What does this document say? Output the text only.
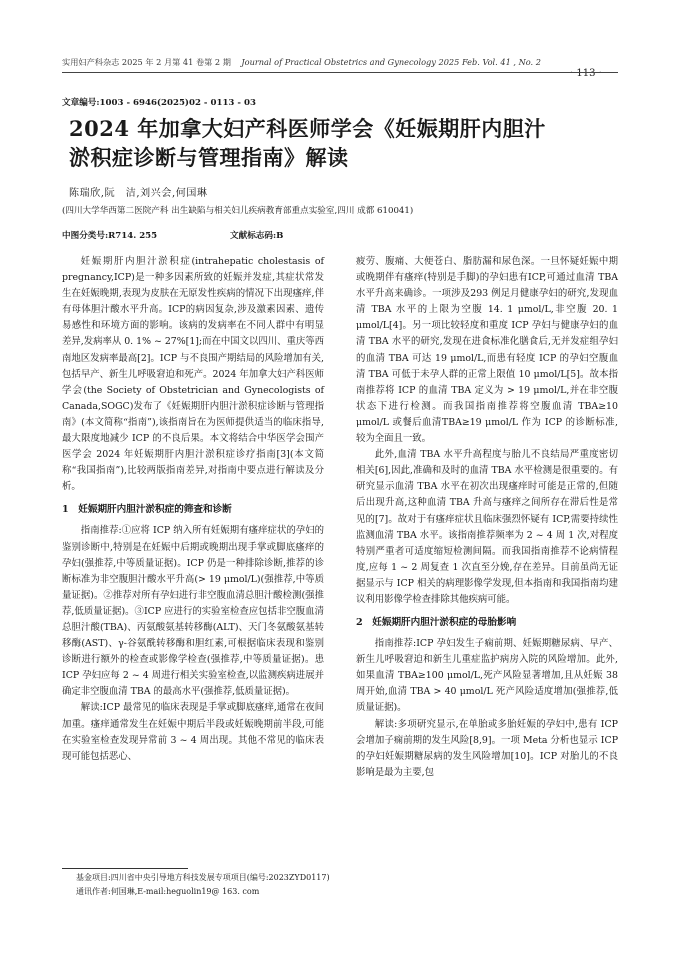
实用妇产科杂志 2025 年 2 月第 41 卷第 2 期 Journal of Practical Obstetrics and Gynecology 2025 Feb. Vol. 41 , No. 2
· 113 ·
文章编号:1003 - 6946(2025)02 - 0113 - 03
2024 年加拿大妇产科医师学会《妊娠期肝内胆汁
淤积症诊断与管理指南》解读
陈瑞欣,阮　洁,刘兴会,何国琳
(四川大学华西第二医院产科 出生缺陷与相关妇儿疾病教育部重点实验室,四川 成都 610041)
中图分类号:R714. 255	文献标志码:B

妊娠期肝内胆汁淤积症(intrahepatic cholestasis of pregnancy,ICP)是一种多因素所致的妊娠并发症,其症状常发生在妊娠晚期,表现为皮肤在无原发性疾病的情况下出现瘙痒,伴有母体胆汁酸水平升高。ICP的病因复杂,涉及激素因素、遗传易感性和环境方面的影响。该病的发病率在不同人群中有明显差异,发病率从 0. 1% ~ 27%[1];而在中国文以四川、重庆等西南地区发病率最高[2]。ICP 与不良围产期结局的风险增加有关,包括早产、新生儿呼吸窘迫和死产。2024 年加拿大妇产科医师学会(the Society of Obstetrician and Gynecologists of Canada,SOGC)发布了《妊娠期肝内胆汁淤积症诊断与管理指南》(本文简称“指南”),该指南旨在为医师提供适当的临床指导,最大限度地减少 ICP 的不良后果。本文将结合中华医学会围产医学会 2024 年妊娠期肝内胆汁淤积症诊疗指南[3](本文简称“我国指南”),比较两版指南差异,对指南中要点进行解读及分析。

1　妊娠期肝内胆汁淤积症的筛查和诊断

指南推荐:①应将 ICP 纳入所有妊娠期有瘙痒症状的孕妇的鉴别诊断中,特别是在妊娠中后期或晚期出现手掌或脚底瘙痒的孕妇(强推荐,中等质量证据)。ICP 仍是一种排除诊断,推荐的诊断标准为非空腹胆汁酸水平升高(> 19 μmol/L)(强推荐,中等质量证据)。②推荐对所有孕妇进行非空腹血清总胆汁酸检测(强推荐,低质量证据)。③ICP 应进行的实验室检查应包括非空腹血清总胆汁酸(TBA)、丙氨酸氨基转移酶(ALT)、天门冬氨酸氨基转移酶(AST)、γ-谷氨酰转移酶和胆红素,可根据临床表现和鉴别诊断进行额外的检查或影像学检查(强推荐,中等质量证据)。患 ICP 孕妇应每 2 ~ 4 周进行相关实验室检查,以监测疾病进展并确定非空腹血清 TBA 的最高水平(强推荐,低质量证据)。

解读:ICP 最常见的临床表现是手掌或脚底瘙痒,通常在夜间加重。瘙痒通常发生在妊娠中期后半段或妊娠晚期前半段,可能在实验室检查发现异常前 3 ~ 4 周出现。其他不常见的临床表现可能包括恶心、

疲劳、腹痛、大便苍白、脂肪漏和尿色深。一旦怀疑妊娠中期或晚期伴有瘙痒(特别是手脚)的孕妇患有ICP,可通过血清 TBA 水平升高来确诊。一项涉及293 例足月健康孕妇的研究,发现血清 TBA 水平的上限为空腹 14. 1 μmol/L,非空腹 20. 1 μmol/L[4]。另一项比较轻度和重度 ICP 孕妇与健康孕妇的血清 TBA 水平的研究,发现在进食标准化膳食后,无并发症组孕妇的血清 TBA 可达 19 μmol/L,而患有轻度 ICP 的孕妇空腹血清 TBA 可低于未孕人群的正常上限值 10 μmol/L[5]。故本指南推荐将 ICP 的血清 TBA 定义为 > 19 μmol/L,并在非空腹状态下进行检测。而我国指南推荐将空腹血清 TBA≥10 μmol/L 或餐后血清TBA≥19 μmol/L 作为 ICP 的诊断标准,较为全面且一致。

此外,血清 TBA 水平升高程度与胎儿不良结局严重度密切相关[6],因此,准确和及时的血清 TBA 水平检测是很重要的。有研究显示血清 TBA 水平在初次出现瘙痒时可能是正常的,但随后出现升高,这种血清 TBA 升高与瘙痒之间所存在滞后性是常见的[7]。故对于有瘙痒症状且临床强烈怀疑有 ICP,需要持续性监测血清 TBA 水平。该指南推荐频率为 2 ~ 4 周 1 次,对程度特别严重者可适度缩短检测间隔。而我国指南推荐不论病情程度,应每 1 ~ 2 周复查 1 次直至分娩,存在差异。目前虽尚无证据显示与 ICP 相关的病理影像学发现,但本指南和我国指南均建议利用影像学检查排除其他疾病可能。

2　妊娠期肝内胆汁淤积症的母胎影响

指南推荐:ICP 孕妇发生子痫前期、妊娠期糖尿病、早产、新生儿呼吸窘迫和新生儿重症监护病房入院的风险增加。此外,如果血清 TBA≥100 μmol/L,死产风险显著增加,且从妊娠 38 周开始,血清 TBA > 40 μmol/L 死产风险适度增加(强推荐,低质量证据)。

解读:多项研究显示,在单胎或多胎妊娠的孕妇中,患有 ICP 会增加子痫前期的发生风险[8,9]。一项 Meta 分析也显示 ICP 的孕妇妊娠期糖尿病的发生风险增加[10]。ICP 对胎儿的不良影响是最为主要,包

基金项目:四川省中央引导地方科技发展专项项目(编号:2023ZYD0117)
通讯作者:何国琳,E-mail:heguolin19@ 163. com
